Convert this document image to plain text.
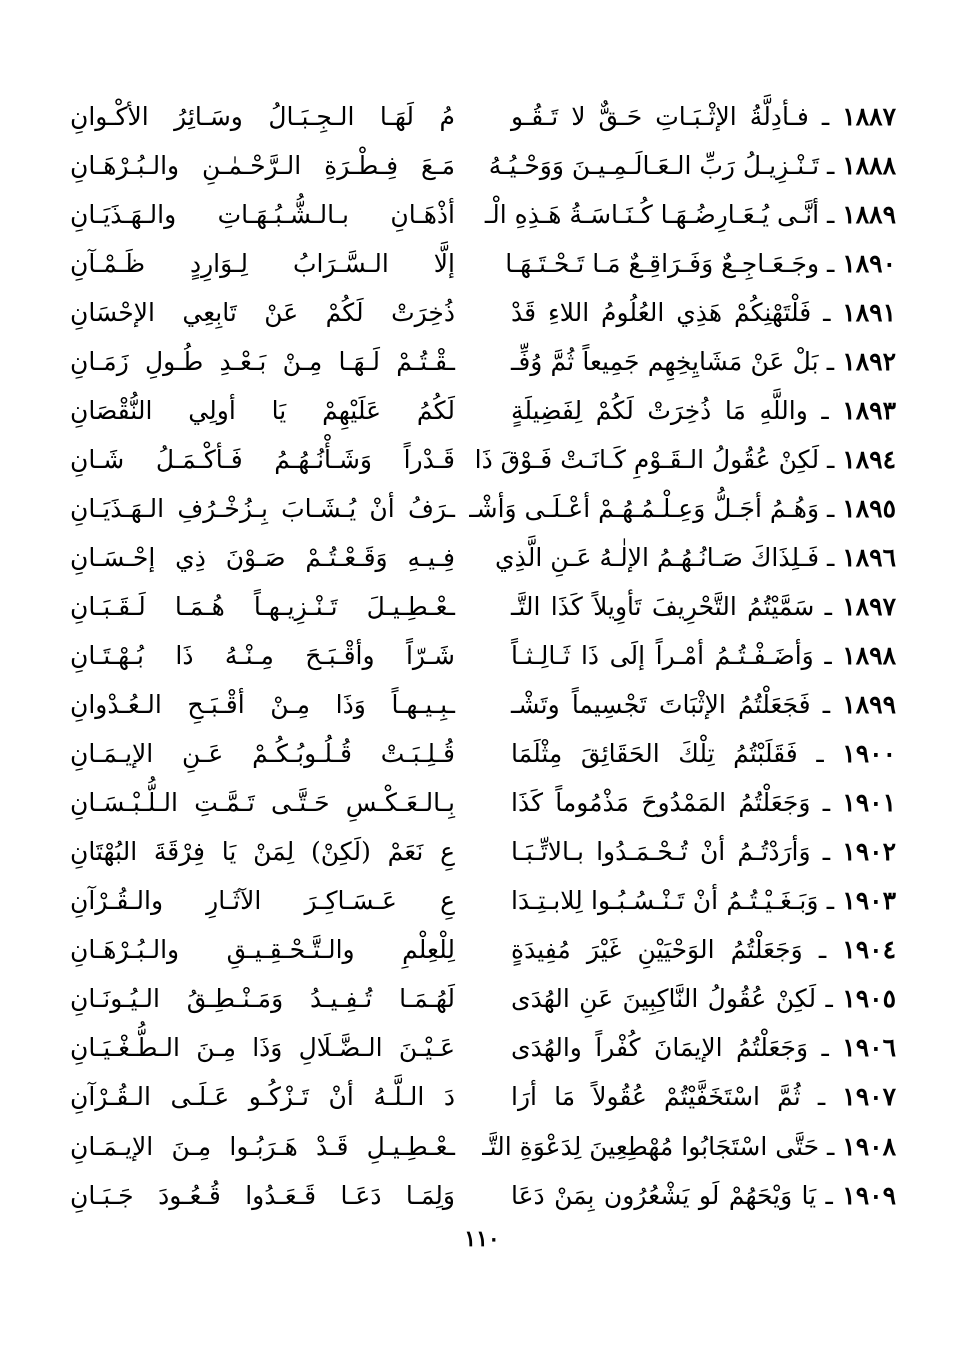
١٨٨٧ ـ فـأدِلَّةُ الإثْـبَـاتِ حَـقٌّ لا تَـقُـو
مُ لَهَـا الـجِـبَـالُ وسَـائِرُ الأكْـوانِ
١٨٨٨ ـ تَـنْـزِيـلُ رَبِّ الـعَـالَـمِـيـنَ وَوَحْـيُـهُ
مَـعَ فِـطْـرَةِ الـرَّحْـمٰـنِ والـبُـرْهَـانِ
١٨٨٩ ـ أنَّـى يُـعَـارِضُـهَـا كُـنَـاسَـةُ هَـذِهِ الْـ
أذْهَـانِ بـالـشُّـبُـهَـاتِ والـهَـذَيَـانِ
١٨٩٠ ـ وجَـعَـاجِـعٌ وَفَـرَاقِـعٌ مَـا تَـحْـتَـهَـا
إلَّا الـسَّـرَابُ لِـوَارِدٍ ظَـمْـآنِ
١٨٩١ ـ فَلْتَهْنِكُمْ هَذِي العُلُومُ اللاءِ قَدْ
ذُخِرَتْ لَكُمْ عَنْ تَابِعِي الإحْسَانِ
١٨٩٢ ـ بَلْ عَنْ مَشَايِخِهِم جَمِيعاً ثُمَّ وُفِّـ
ـقْـتُـمْ لَـهَـا مِـنْ بَـعْـدِ طُـولِ زَمَـانِ
١٨٩٣ ـ واللَّهِ مَا ذُخِرَتْ لَكُمْ لِفَضِيلَةٍ
لَكُمُ عَلَيْهِمْ يَا أولِي النُّقْصَانِ
١٨٩٤ ـ لَكِنْ عُقُولُ الـقَـوْمِ كَـانَـتْ فَـوْقَ ذَا
قَـدْراً وَشَـأْنُـهُـمُ فَـأكْـمَـلُ شَـانِ
١٨٩٥ ـ وَهُـمُ أجَـلُّ وَعِـلْـمُـهُـمْ أعْـلَـى وَأشْـ
ـرَفُ أنْ يُـشَـابَ بِـزُخْـرُفِ الـهَـذَيَـانِ
١٨٩٦ ـ فَـلِذَاكَ صَـانُـهُـمُ الإلٰـهُ عَـنِ الَّذِي
فِـيـهِ وَقَـعْـتُـمْ صَـوْنَ ذِي إحْـسَـانِ
١٨٩٧ ـ سَمَّيْتُمُ التَّحْرِيفَ تَأوِيلاً كَذَا التَّـ
ـعْـطِـيـلَ تَـنْـزِيـهـاً هُـمَـا لَـقَـبَـانِ
١٨٩٨ ـ وَأضَـفْـتُـمُ أمْـراً إلَى ذَا ثَـالِـثـاً
شَـرّاً وأقْـبَـحَ مِـنْـهُ ذَا بُـهْـتَـانِ
١٨٩٩ ـ فَجَعَلْتُمُ الإثْبَاتَ تَجْسِيماً وتَشْـ
ـبِـيـهـاً وَذَا مِـنْ أقْـبَـحِ الـعُـدْوانِ
١٩٠٠ ـ فَقَلَبْتُمُ تِلْكَ الحَقَائِقَ مِثْلَمَا
قُـلِـبَـتْ قُـلُـوبُـكُـمْ عَـنِ الإيـمَـانِ
١٩٠١ ـ وَجَعَلْتُمُ المَمْدُوحَ مَذْمُوماً كَذَا
بِـالـعَـكْـسِ حَـتَّـى تَـمَّـتِ الـلُّـبْـسَـانِ
١٩٠٢ ـ وَأرَدْتُـمُ أنْ تُـحْـمَـدُوا بـالاتِّـبَـا
عِ نَعَمْ (لَكِنْ) لِمَنْ يَا فِرْقَةَ البُهْتَانِ
١٩٠٣ ـ وَبَـغَـيْـتُـمُ أنْ تَـنْـسُـبُـوا لِلابـتِـدَا
عِ عَـسَـاكِـرَ الآثَـارِ والـقُـرْآنِ
١٩٠٤ ـ وَجَعَلْتُمُ الوَحْيَيْنِ غَيْرَ مُفِيدَةٍ
لِلْعِلْمِ والـتَّـحْـقِـيـقِ والـبُـرْهَـانِ
١٩٠٥ ـ لَكِنْ عُقُولُ النَّاكِبِينَ عَنِ الهُدَى
لَهُـمَـا تُـفِـيـدُ وَمَـنْـطِـقُ الـيُـونَـانِ
١٩٠٦ ـ وَجَعَلْتُمُ الإيمَانَ كُفْراً والهُدَى
عَـيْـنَ الـضَّـلَالِ وَذَا مِـنَ الـطُّـغْـيَـانِ
١٩٠٧ ـ ثُمَّ اسْتَخَفَّيْتُمْ عُقُولاً مَا أرَا
دَ الـلَّـهُ أنْ تَـزْكُـو عَـلَـى الـقُـرْآنِ
١٩٠٨ ـ حَتَّى اسْتَجَابُوا مُهْطِعِينَ لِدَعْوَةِ التَّـ
ـعْـطِـيـلِ قَـدْ هَـرَبُـوا مِـنَ الإيـمَـانِ
١٩٠٩ ـ يَا وَيْحَهُمْ لَو يَشْعُرُون بِمَنْ دَعَا
وَلِمَـا دَعَـا قَـعَـدُوا قُـعُـودَ جَـبَـانِ
١١٠
